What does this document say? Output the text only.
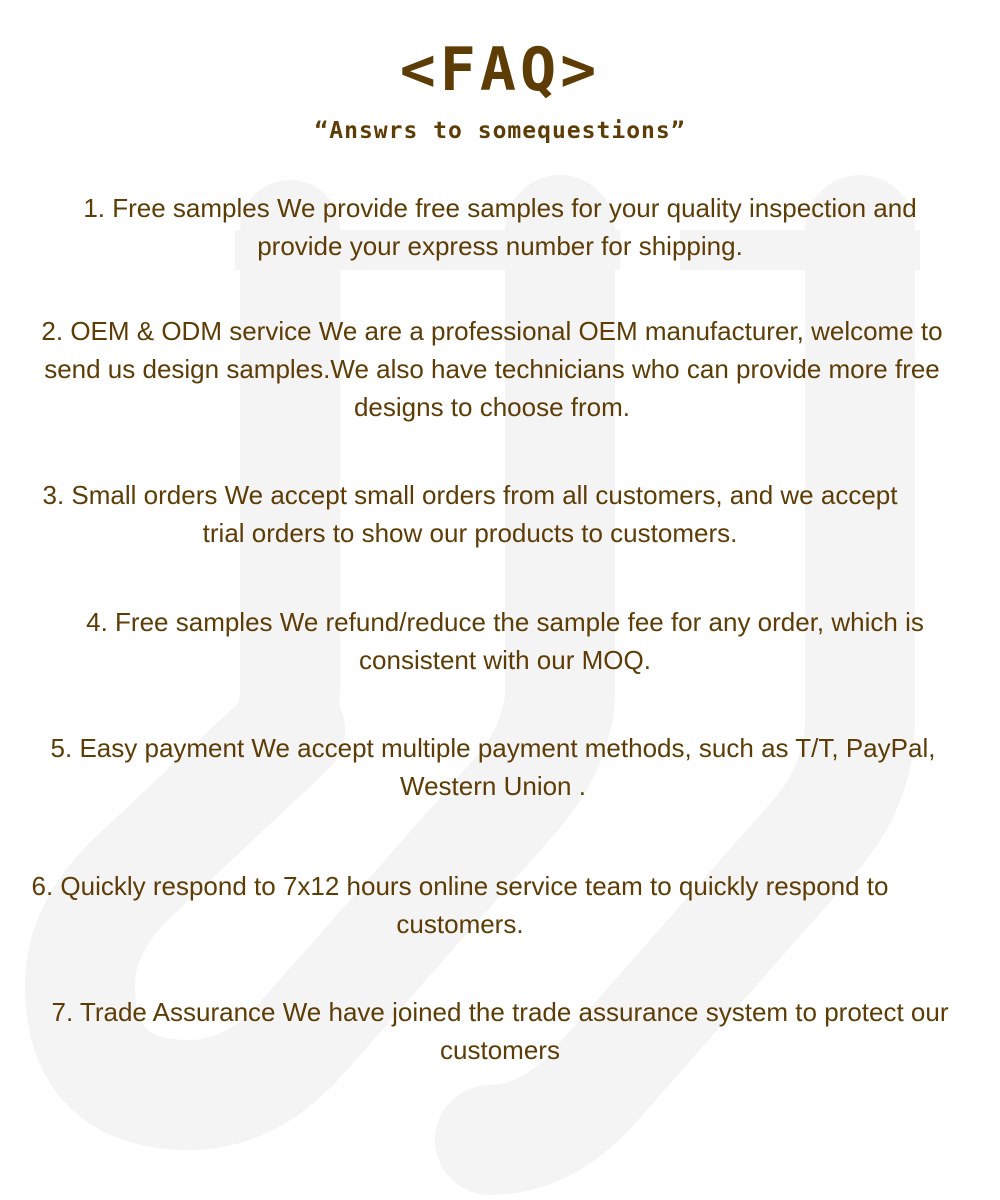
<FAQ>

“Answrs to somequestions”

1. Free samples We provide free samples for your quality inspection and provide your express number for shipping.

2. OEM & ODM service We are a professional OEM manufacturer, welcome to send us design samples.We also have technicians who can provide more free designs to choose from.

3. Small orders We accept small orders from all customers, and we accept trial orders to show our products to customers.

4. Free samples We refund/reduce the sample fee for any order, which is consistent with our MOQ.

5. Easy payment We accept multiple payment methods, such as T/T, PayPal, Western Union .

6. Quickly respond to 7x12 hours online service team to quickly respond to customers.

7. Trade Assurance We have joined the trade assurance system to protect our customers
